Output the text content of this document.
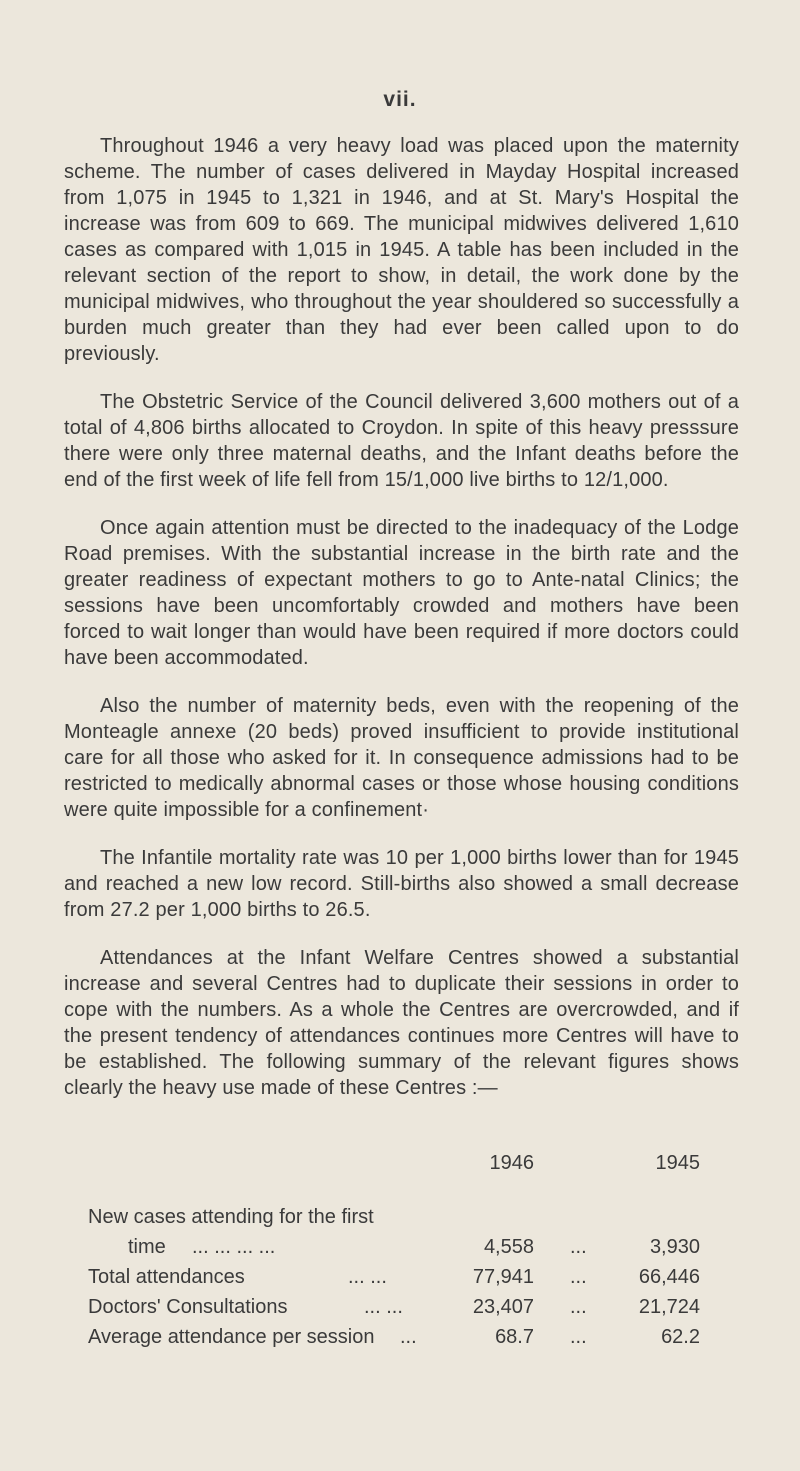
vii.

Throughout 1946 a very heavy load was placed upon the maternity scheme. The number of cases delivered in Mayday Hospital increased from 1,075 in 1945 to 1,321 in 1946, and at St. Mary's Hospital the increase was from 609 to 669. The municipal midwives delivered 1,610 cases as compared with 1,015 in 1945. A table has been included in the relevant section of the report to show, in detail, the work done by the municipal midwives, who throughout the year shouldered so successfully a burden much greater than they had ever been called upon to do previously.

The Obstetric Service of the Council delivered 3,600 mothers out of a total of 4,806 births allocated to Croydon. In spite of this heavy presssure there were only three maternal deaths, and the Infant deaths before the end of the first week of life fell from 15/1,000 live births to 12/1,000.

Once again attention must be directed to the inadequacy of the Lodge Road premises. With the substantial increase in the birth rate and the greater readiness of expectant mothers to go to Ante-natal Clinics; the sessions have been uncomfortably crowded and mothers have been forced to wait longer than would have been required if more doctors could have been accommodated.

Also the number of maternity beds, even with the reopening of the Monteagle annexe (20 beds) proved insufficient to provide institutional care for all those who asked for it. In consequence admissions had to be restricted to medically abnormal cases or those whose housing conditions were quite impossible for a confinement·

The Infantile mortality rate was 10 per 1,000 births lower than for 1945 and reached a new low record. Still-births also showed a small decrease from 27.2 per 1,000 births to 26.5.

Attendances at the Infant Welfare Centres showed a substantial increase and several Centres had to duplicate their sessions in order to cope with the numbers. As a whole the Centres are overcrowded, and if the present tendency of attendances continues more Centres will have to be established. The following summary of the relevant figures shows clearly the heavy use made of these Centres :—

1946	1945
New cases attending for the first
time ... ... ... ...	4,558 ...	3,930
Total attendances	... ...	77,941 ...	66,446
Doctors' Consultations	... ...	23,407 ...	21,724
Average attendance per session ...	68.7 ...	62.2
